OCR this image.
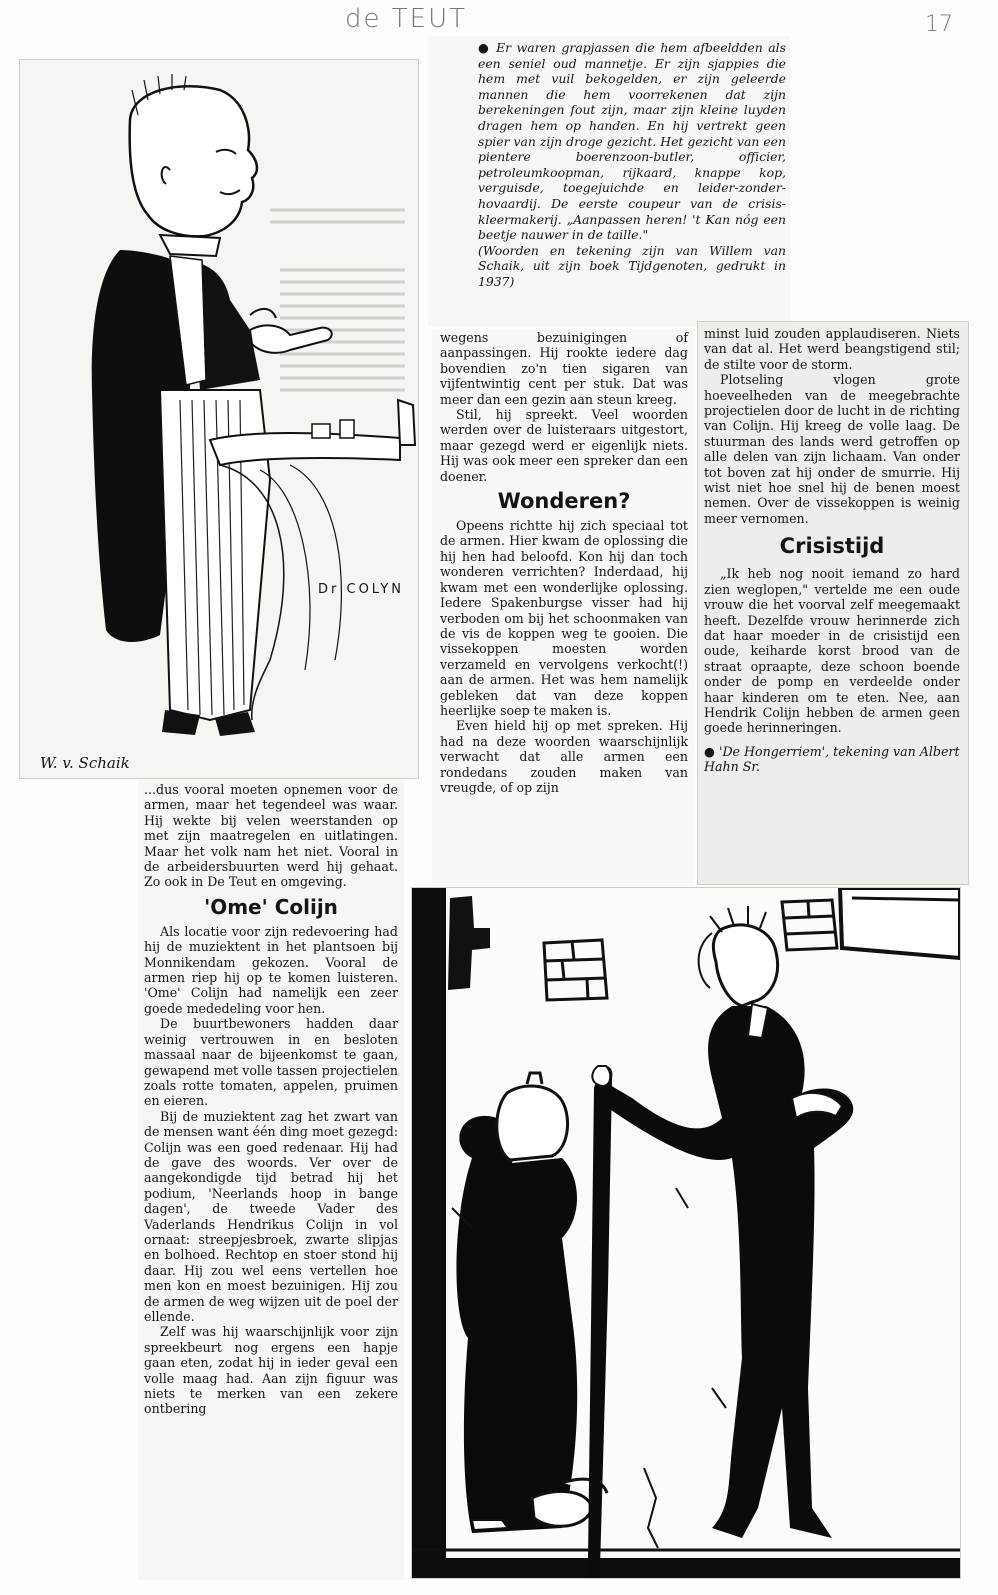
de TEUT	17
Dr COLYN
W. v. Schaik

● Er waren grapjassen die hem afbeeldden als een seniel oud mannetje. Er zijn sjappies die hem met vuil bekogelden, er zijn geleerde mannen die hem voorrekenen dat zijn berekeningen fout zijn, maar zijn kleine luyden dragen hem op handen. En hij vertrekt geen spier van zijn droge gezicht. Het gezicht van een pientere boerenzoon-butler, officier, petroleumkoopman, rijkaard, knappe kop, verguisde, toegejuichde en leider-zonder-hovaardij. De eerste coupeur van de crisis-kleermakerij. „Aanpassen heren! 't Kan nóg een beetje nauwer in de taille."

(Woorden en tekening zijn van Willem van Schaik, uit zijn boek Tijdgenoten, gedrukt in 1937)

wegens bezuinigingen of aanpassingen. Hij rookte iedere dag bovendien zo'n tien sigaren van vijfentwintig cent per stuk. Dat was meer dan een gezin aan steun kreeg.

Stil, hij spreekt. Veel woorden werden over de luisteraars uitgestort, maar gezegd werd er eigenlijk niets. Hij was ook meer een spreker dan een doener.

Wonderen?

Opeens richtte hij zich speciaal tot de armen. Hier kwam de oplossing die hij hen had beloofd. Kon hij dan toch wonderen verrichten? Inderdaad, hij kwam met een wonderlijke oplossing. Iedere Spakenburgse visser had hij verboden om bij het schoonmaken van de vis de koppen weg te gooien. Die vissekoppen moesten worden verzameld en vervolgens verkocht(!) aan de armen. Het was hem namelijk gebleken dat van deze koppen heerlijke soep te maken is.

Even hield hij op met spreken. Hij had na deze woorden waarschijnlijk verwacht dat alle armen een rondedans zouden maken van vreugde, of op zijn

minst luid zouden applaudiseren. Niets van dat al. Het werd beangstigend stil; de stilte voor de storm.

Plotseling vlogen grote hoeveelheden van de meegebrachte projectielen door de lucht in de richting van Colijn. Hij kreeg de volle laag. De stuurman des lands werd getroffen op alle delen van zijn lichaam. Van onder tot boven zat hij onder de smurrie. Hij wist niet hoe snel hij de benen moest nemen. Over de vissekoppen is weinig meer vernomen.

Crisistijd

„Ik heb nog nooit iemand zo hard zien weglopen," vertelde me een oude vrouw die het voorval zelf meegemaakt heeft. Dezelfde vrouw herinnerde zich dat haar moeder in de crisistijd een oude, keiharde korst brood van de straat opraapte, deze schoon boende onder de pomp en verdeelde onder haar kinderen om te eten. Nee, aan Hendrik Colijn hebben de armen geen goede herinneringen.

● 'De Hongerriem', tekening van Albert Hahn Sr.

...dus vooral moeten opnemen voor de armen, maar het tegendeel was waar. Hij wekte bij velen weerstanden op met zijn maatregelen en uitlatingen. Maar het volk nam het niet. Vooral in de arbeidersbuurten werd hij gehaat. Zo ook in De Teut en omgeving.

'Ome' Colijn

Als locatie voor zijn redevoering had hij de muziektent in het plantsoen bij Monnikendam gekozen. Vooral de armen riep hij op te komen luisteren. 'Ome' Colijn had namelijk een zeer goede mededeling voor hen.

De buurtbewoners hadden daar weinig vertrouwen in en besloten massaal naar de bijeenkomst te gaan, gewapend met volle tassen projectielen zoals rotte tomaten, appelen, pruimen en eieren.

Bij de muziektent zag het zwart van de mensen want één ding moet gezegd: Colijn was een goed redenaar. Hij had de gave des woords. Ver over de aangekondigde tijd betrad hij het podium, 'Neerlands hoop in bange dagen', de tweede Vader des Vaderlands Hendrikus Colijn in vol ornaat: streepjesbroek, zwarte slipjas en bolhoed. Rechtop en stoer stond hij daar. Hij zou wel eens vertellen hoe men kon en moest bezuinigen. Hij zou de armen de weg wijzen uit de poel der ellende.

Zelf was hij waarschijnlijk voor zijn spreekbeurt nog ergens een hapje gaan eten, zodat hij in ieder geval een volle maag had. Aan zijn figuur was niets te merken van een zekere ontbering
